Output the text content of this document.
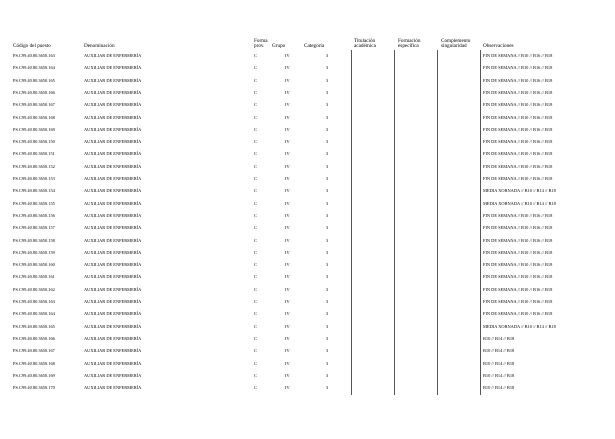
Código del puesto	Denominación
Forma
prov.	Grupo	Categoría
Titulación
académica
Formación
específica
Complemento
singularidad	Observaciones
PS.C99.40.80.3650.163	AUXILIAR DE ENFERMERÍA	C	IV	3	FIN DE SEMANA // B10 // B16 // B18
PS.C99.40.80.3650.164	AUXILIAR DE ENFERMERÍA	C	IV	3	FIN DE SEMANA // B10 // B16 // B18
PS.C99.40.80.3650.165	AUXILIAR DE ENFERMERÍA	C	IV	3	FIN DE SEMANA // B10 // B16 // B18
PS.C99.40.80.3650.166	AUXILIAR DE ENFERMERÍA	C	IV	3	FIN DE SEMANA // B10 // B16 // B18
PS.C99.40.80.3650.167	AUXILIAR DE ENFERMERÍA	C	IV	3	FIN DE SEMANA // B10 // B16 // B18
PS.C99.40.80.3650.168	AUXILIAR DE ENFERMERÍA	C	IV	3	FIN DE SEMANA // B10 // B16 // B18
PS.C99.40.80.3650.169	AUXILIAR DE ENFERMERÍA	C	IV	3	FIN DE SEMANA // B10 // B16 // B18
PS.C99.40.80.3650.150	AUXILIAR DE ENFERMERÍA	C	IV	3	FIN DE SEMANA // B10 // B16 // B18
PS.C99.40.80.3650.151	AUXILIAR DE ENFERMERÍA	C	IV	3	FIN DE SEMANA // B10 // B16 // B18
PS.C99.40.80.3650.152	AUXILIAR DE ENFERMERÍA	C	IV	3	FIN DE SEMANA // B10 // B16 // B18
PS.C99.40.80.3650.153	AUXILIAR DE ENFERMERÍA	C	IV	3	FIN DE SEMANA // B10 // B16 // B18
PS.C99.40.80.3650.154	AUXILIAR DE ENFERMERÍA	C	IV	3	MEDIA XORNADA // B10 // B14 // B18
PS.C99.40.80.3650.155	AUXILIAR DE ENFERMERÍA	C	IV	3	MEDIA XORNADA // B10 // B14 // B18
PS.C99.40.80.3650.156	AUXILIAR DE ENFERMERÍA	C	IV	3	FIN DE SEMANA // B10 // B16 // B18
PS.C99.40.80.3650.157	AUXILIAR DE ENFERMERÍA	C	IV	3	FIN DE SEMANA // B10 // B16 // B18
PS.C99.40.80.3650.158	AUXILIAR DE ENFERMERÍA	C	IV	3	FIN DE SEMANA // B10 // B16 // B18
PS.C99.40.80.3650.159	AUXILIAR DE ENFERMERÍA	C	IV	3	FIN DE SEMANA // B10 // B16 // B18
PS.C99.40.80.3650.160	AUXILIAR DE ENFERMERÍA	C	IV	3	FIN DE SEMANA // B10 // B16 // B18
PS.C99.40.80.3650.161	AUXILIAR DE ENFERMERÍA	C	IV	3	FIN DE SEMANA // B10 // B16 // B18
PS.C99.40.80.3650.162	AUXILIAR DE ENFERMERÍA	C	IV	3	FIN DE SEMANA // B10 // B16 // B18
PS.C99.40.80.3650.163	AUXILIAR DE ENFERMERÍA	C	IV	3	FIN DE SEMANA // B10 // B16 // B18
PS.C99.40.80.3650.164	AUXILIAR DE ENFERMERÍA	C	IV	3	FIN DE SEMANA // B10 // B16 // B18
PS.C99.40.80.3650.165	AUXILIAR DE ENFERMERÍA	C	IV	3	MEDIA XORNADA // B10 // B14 // B18
PS.C99.40.80.3650.166	AUXILIAR DE ENFERMERÍA	C	IV	3	B10 // B14 // B18
PS.C99.40.80.3650.167	AUXILIAR DE ENFERMERÍA	C	IV	3	B10 // B14 // B18
PS.C99.40.80.3650.168	AUXILIAR DE ENFERMERÍA	C	IV	3	B10 // B14 // B18
PS.C99.40.80.3650.169	AUXILIAR DE ENFERMERÍA	C	IV	3	B10 // B14 // B18
PS.C99.40.80.3650.170	AUXILIAR DE ENFERMERÍA	C	IV	3	B10 // B14 // B18
